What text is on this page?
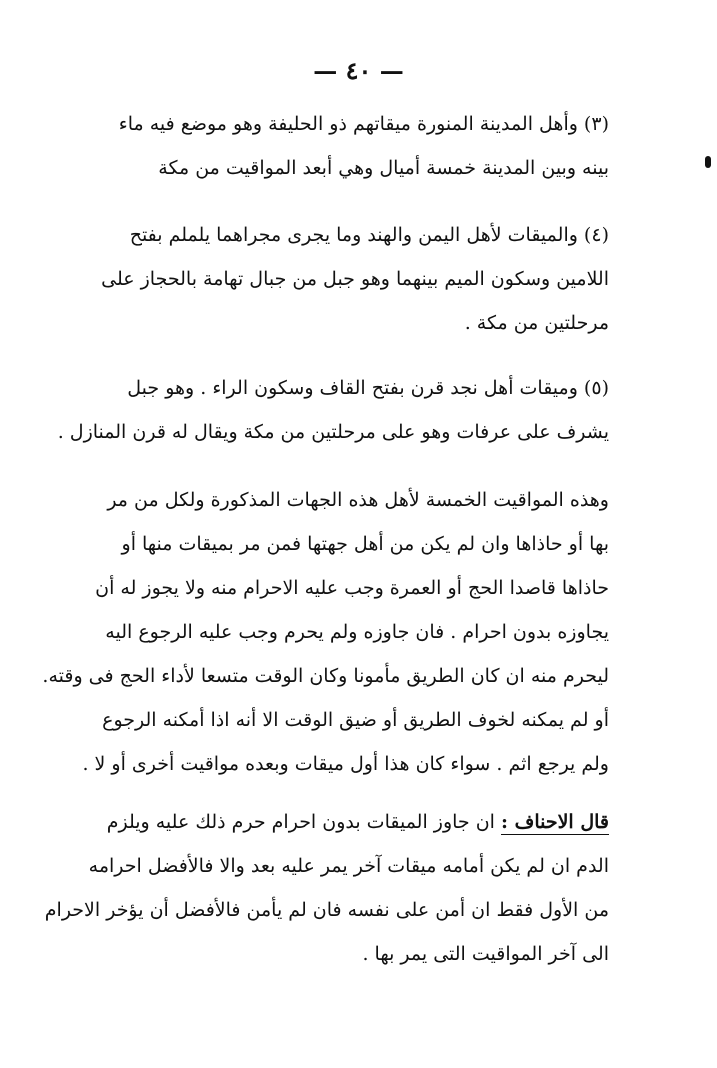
— ٤٠ —
(٣) وأهل المدينة المنورة ميقاتهم ذو الحليفة وهو موضع فيه ماء
بينه وبين المدينة خمسة أميال وهي أبعد المواقيت من مكة
(٤) والميقات لأهل اليمن والهند وما يجرى مجراهما يلملم بفتح
اللامين وسكون الميم بينهما وهو جبل من جبال تهامة بالحجاز على
مرحلتين من مكة .
(٥) وميقات أهل نجد قرن بفتح القاف وسكون الراء . وهو جبل
يشرف على عرفات وهو على مرحلتين من مكة ويقال له قرن المنازل .
وهذه المواقيت الخمسة لأهل هذه الجهات المذكورة ولكل من مر
بها أو حاذاها وان لم يكن من أهل جهتها فمن مر بميقات منها أو
حاذاها قاصدا الحج أو العمرة وجب عليه الاحرام منه ولا يجوز له أن
يجاوزه بدون احرام . فان جاوزه ولم يحرم وجب عليه الرجوع اليه
ليحرم منه ان كان الطريق مأمونا وكان الوقت متسعا لأداء الحج فى وقته.
أو لم يمكنه لخوف الطريق أو ضيق الوقت الا أنه اذا أمكنه الرجوع
ولم يرجع اثم . سواء كان هذا أول ميقات وبعده مواقيت أخرى أو لا .
قال الاحناف : ان جاوز الميقات بدون احرام حرم ذلك عليه ويلزم
الدم ان لم يكن أمامه ميقات آخر يمر عليه بعد والا فالأفضل احرامه
من الأول فقط ان أمن على نفسه فان لم يأمن فالأفضل أن يؤخر الاحرام
الى آخر المواقيت التى يمر بها .
